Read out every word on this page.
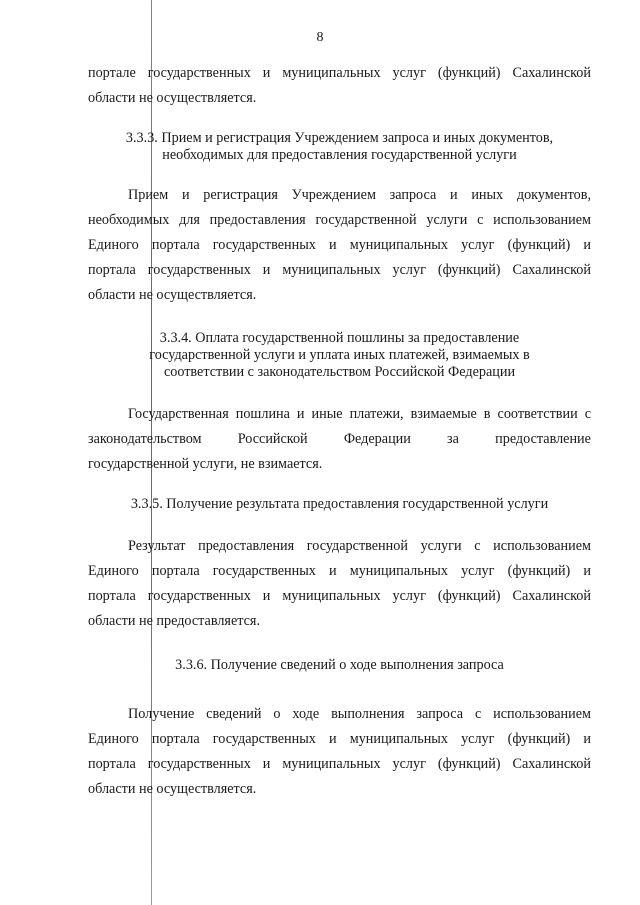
8
порталe государственных и муниципальных услуг (функций) Сахалинской
области не осуществляется.
3.3.3. Прием и регистрация Учреждением запроса и иных документов,
необходимых для предоставления государственной услуги
Прием и регистрация Учреждением запроса и иных документов,
необходимых для предоставления государственной услуги с использованием
Единого портала государственных и муниципальных услуг (функций) и
портала государственных и муниципальных услуг (функций) Сахалинской
области не осуществляется.
3.3.4. Оплата государственной пошлины за предоставление
государственной услуги и уплата иных платежей, взимаемых в
соответствии с законодательством Российской Федерации
Государственная пошлина и иные платежи, взимаемые в соответствии с
законодательством	Российской	Федерации	за	предоставление
государственной услуги, не взимается.
3.3.5. Получение результата предоставления государственной услуги
Результат предоставления государственной услуги с использованием
Единого портала государственных и муниципальных услуг (функций) и
портала государственных и муниципальных услуг (функций) Сахалинской
области не предоставляется.
3.3.6. Получение сведений о ходе выполнения запроса
Получение сведений о ходе выполнения запроса с использованием
Единого портала государственных и муниципальных услуг (функций) и
портала государственных и муниципальных услуг (функций) Сахалинской
области не осуществляется.
